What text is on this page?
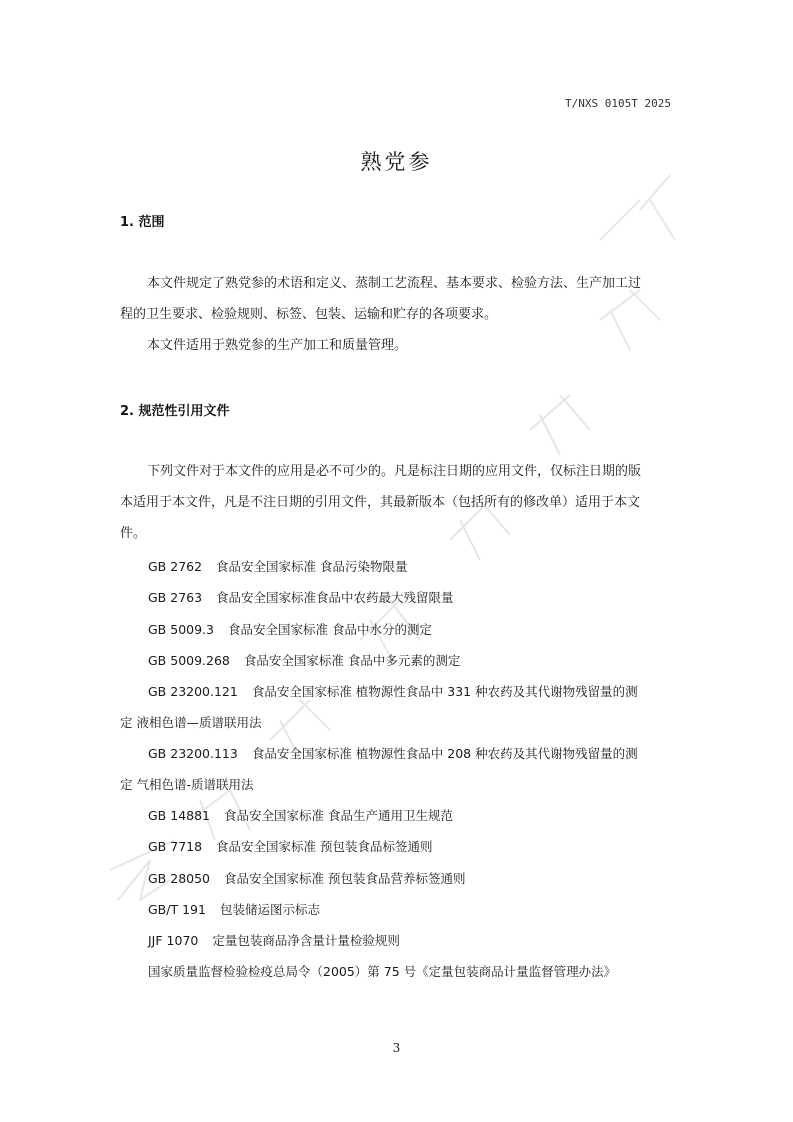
T/NXS 0105T 2025
熟党参
1. 范围
本文件规定了熟党参的术语和定义、蒸制工艺流程、基本要求、检验方法、生产加工过
程的卫生要求、检验规则、标签、包装、运输和贮存的各项要求。
本文件适用于熟党参的生产加工和质量管理。
2. 规范性引用文件
下列文件对于本文件的应用是必不可少的。凡是标注日期的应用文件，仅标注日期的版
本适用于本文件，凡是不注日期的引用文件，其最新版本（包括所有的修改单）适用于本文
件。
GB 2762 食品安全国家标准 食品污染物限量
GB 2763 食品安全国家标准食品中农药最大残留限量
GB 5009.3 食品安全国家标准 食品中水分的测定
GB 5009.268 食品安全国家标准 食品中多元素的测定
GB 23200.121 食品安全国家标准 植物源性食品中 331 种农药及其代谢物残留量的测
定 液相色谱—质谱联用法
GB 23200.113 食品安全国家标准 植物源性食品中 208 种农药及其代谢物残留量的测
定 气相色谱-质谱联用法
GB 14881 食品安全国家标准 食品生产通用卫生规范
GB 7718 食品安全国家标准 预包装食品标签通则
GB 28050 食品安全国家标准 预包装食品营养标签通则
GB/T 191 包装储运图示标志
JJF 1070 定量包装商品净含量计量检验规则
国家质量监督检验检疫总局令（2005）第 75 号《定量包装商品计量监督管理办法》
3
